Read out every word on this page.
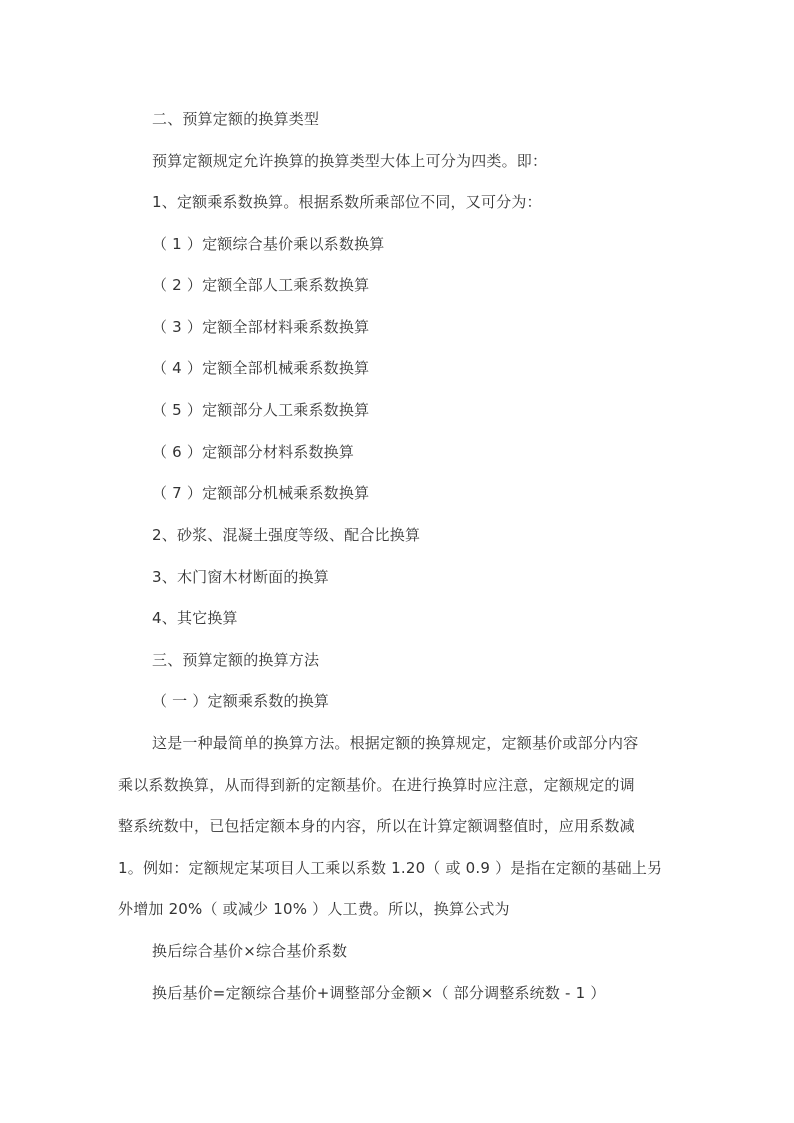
二、预算定额的换算类型
预算定额规定允许换算的换算类型大体上可分为四类。即：
1、定额乘系数换算。根据系数所乘部位不同，又可分为：
（ 1 ）定额综合基价乘以系数换算
（ 2 ）定额全部人工乘系数换算
（ 3 ）定额全部材料乘系数换算
（ 4 ）定额全部机械乘系数换算
（ 5 ）定额部分人工乘系数换算
（ 6 ）定额部分材料系数换算
（ 7 ）定额部分机械乘系数换算
2、砂浆、混凝土强度等级、配合比换算
3、木门窗木材断面的换算
4、其它换算
三、预算定额的换算方法
（ 一 ）定额乘系数的换算
这是一种最简单的换算方法。根据定额的换算规定，定额基价或部分内容
乘以系数换算，从而得到新的定额基价。在进行换算时应注意，定额规定的调
整系统数中，已包括定额本身的内容，所以在计算定额调整值时，应用系数减
1。例如：定额规定某项目人工乘以系数 1.20（ 或 0.9 ）是指在定额的基础上另
外增加 20%（ 或减少 10% ）人工费。所以，换算公式为
换后综合基价×综合基价系数
换后基价=定额综合基价+调整部分金额×（ 部分调整系统数 - 1 ）
